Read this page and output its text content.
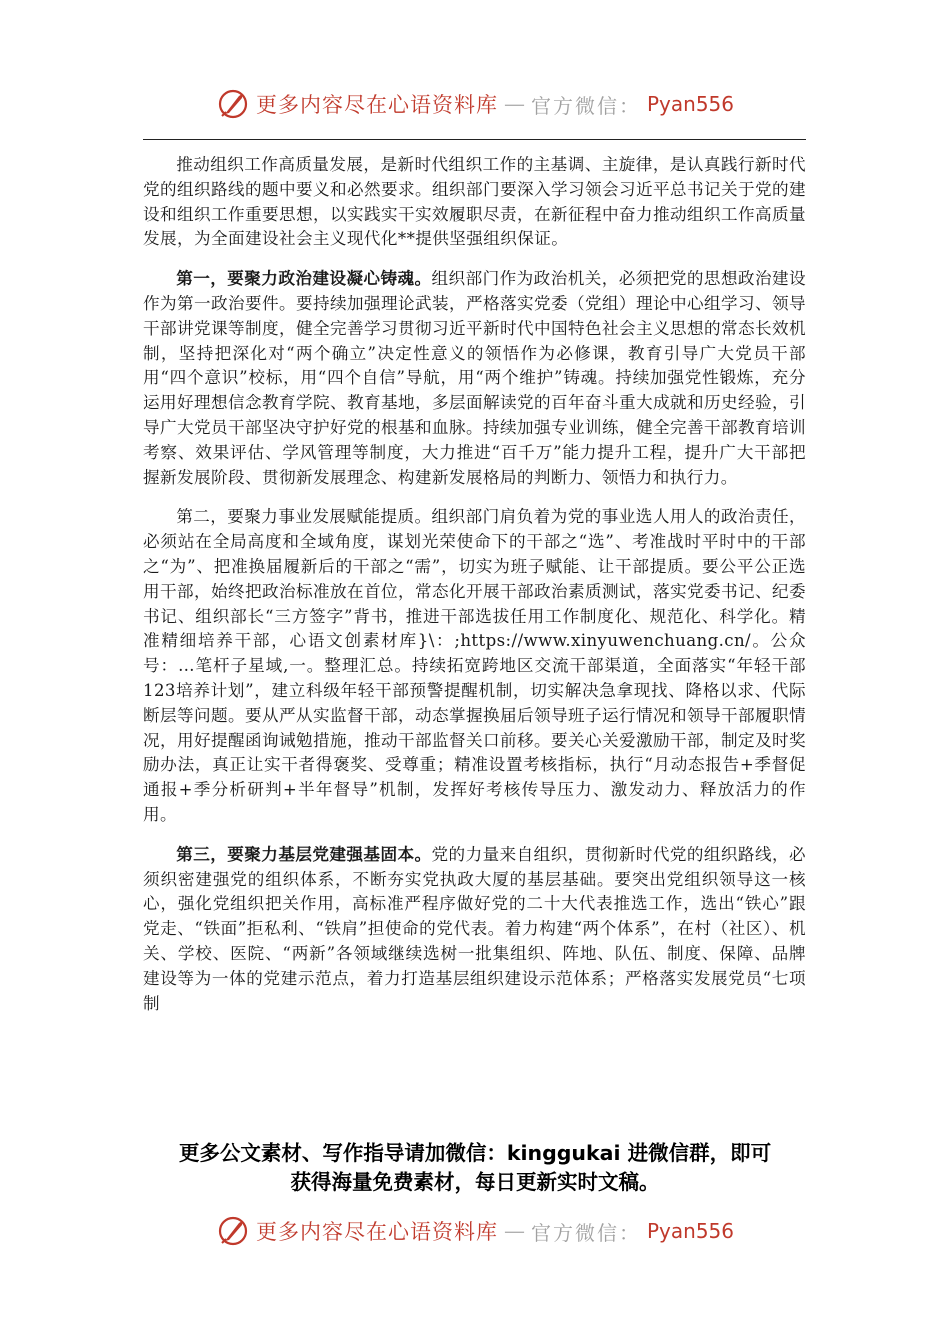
更多内容尽在心语资料库 — 官方微信： Pyan556

推动组织工作高质量发展，是新时代组织工作的主基调、主旋律，是认真践行新时代党的组织路线的题中要义和必然要求。组织部门要深入学习领会习近平总书记关于党的建设和组织工作重要思想，以实践实干实效履职尽责，在新征程中奋力推动组织工作高质量发展，为全面建设社会主义现代化**提供坚强组织保证。

第一，要聚力政治建设凝心铸魂。组织部门作为政治机关，必须把党的思想政治建设作为第一政治要件。要持续加强理论武装，严格落实党委（党组）理论中心组学习、领导干部讲党课等制度，健全完善学习贯彻习近平新时代中国特色社会主义思想的常态长效机制，坚持把深化对“两个确立”决定性意义的领悟作为必修课，教育引导广大党员干部用“四个意识”校标，用“四个自信”导航，用“两个维护”铸魂。持续加强党性锻炼，充分运用好理想信念教育学院、教育基地，多层面解读党的百年奋斗重大成就和历史经验，引导广大党员干部坚决守护好党的根基和血脉。持续加强专业训练，健全完善干部教育培训考察、效果评估、学风管理等制度，大力推进“百千万”能力提升工程，提升广大干部把握新发展阶段、贯彻新发展理念、构建新发展格局的判断力、领悟力和执行力。

第二，要聚力事业发展赋能提质。组织部门肩负着为党的事业选人用人的政治责任，必须站在全局高度和全域角度，谋划光荣使命下的干部之“选”、考准战时平时中的干部之“为”、把准换届履新后的干部之“需”，切实为班子赋能、让干部提质。要公平公正选用干部，始终把政治标准放在首位，常态化开展干部政治素质测试，落实党委书记、纪委书记、组织部长“三方签字”背书，推进干部选拔任用工作制度化、规范化、科学化。精准精细培养干部，心语文创素材库}\：;https://www.xinyuwenchuang.cn/。公众号：…笔杆子星域,一。整理汇总。持续拓宽跨地区交流干部渠道，全面落实“年轻干部123培养计划”，建立科级年轻干部预警提醒机制，切实解决急拿现找、降格以求、代际断层等问题。要从严从实监督干部，动态掌握换届后领导班子运行情况和领导干部履职情况，用好提醒函询诫勉措施，推动干部监督关口前移。要关心关爱激励干部，制定及时奖励办法，真正让实干者得褒奖、受尊重；精准设置考核指标，执行“月动态报告+季督促通报+季分析研判+半年督导”机制，发挥好考核传导压力、激发动力、释放活力的作用。

第三，要聚力基层党建强基固本。党的力量来自组织，贯彻新时代党的组织路线，必须织密建强党的组织体系，不断夯实党执政大厦的基层基础。要突出党组织领导这一核心，强化党组织把关作用，高标准严程序做好党的二十大代表推选工作，选出“铁心”跟党走、“铁面”拒私利、“铁肩”担使命的党代表。着力构建“两个体系”，在村（社区）、机关、学校、医院、“两新”各领域继续选树一批集组织、阵地、队伍、制度、保障、品牌建设等为一体的党建示范点，着力打造基层组织建设示范体系；严格落实发展党员“七项制

更多公文素材、写作指导请加微信：kinggukai 进微信群，即可

获得海量免费素材，每日更新实时文稿。

更多内容尽在心语资料库 — 官方微信： Pyan556
